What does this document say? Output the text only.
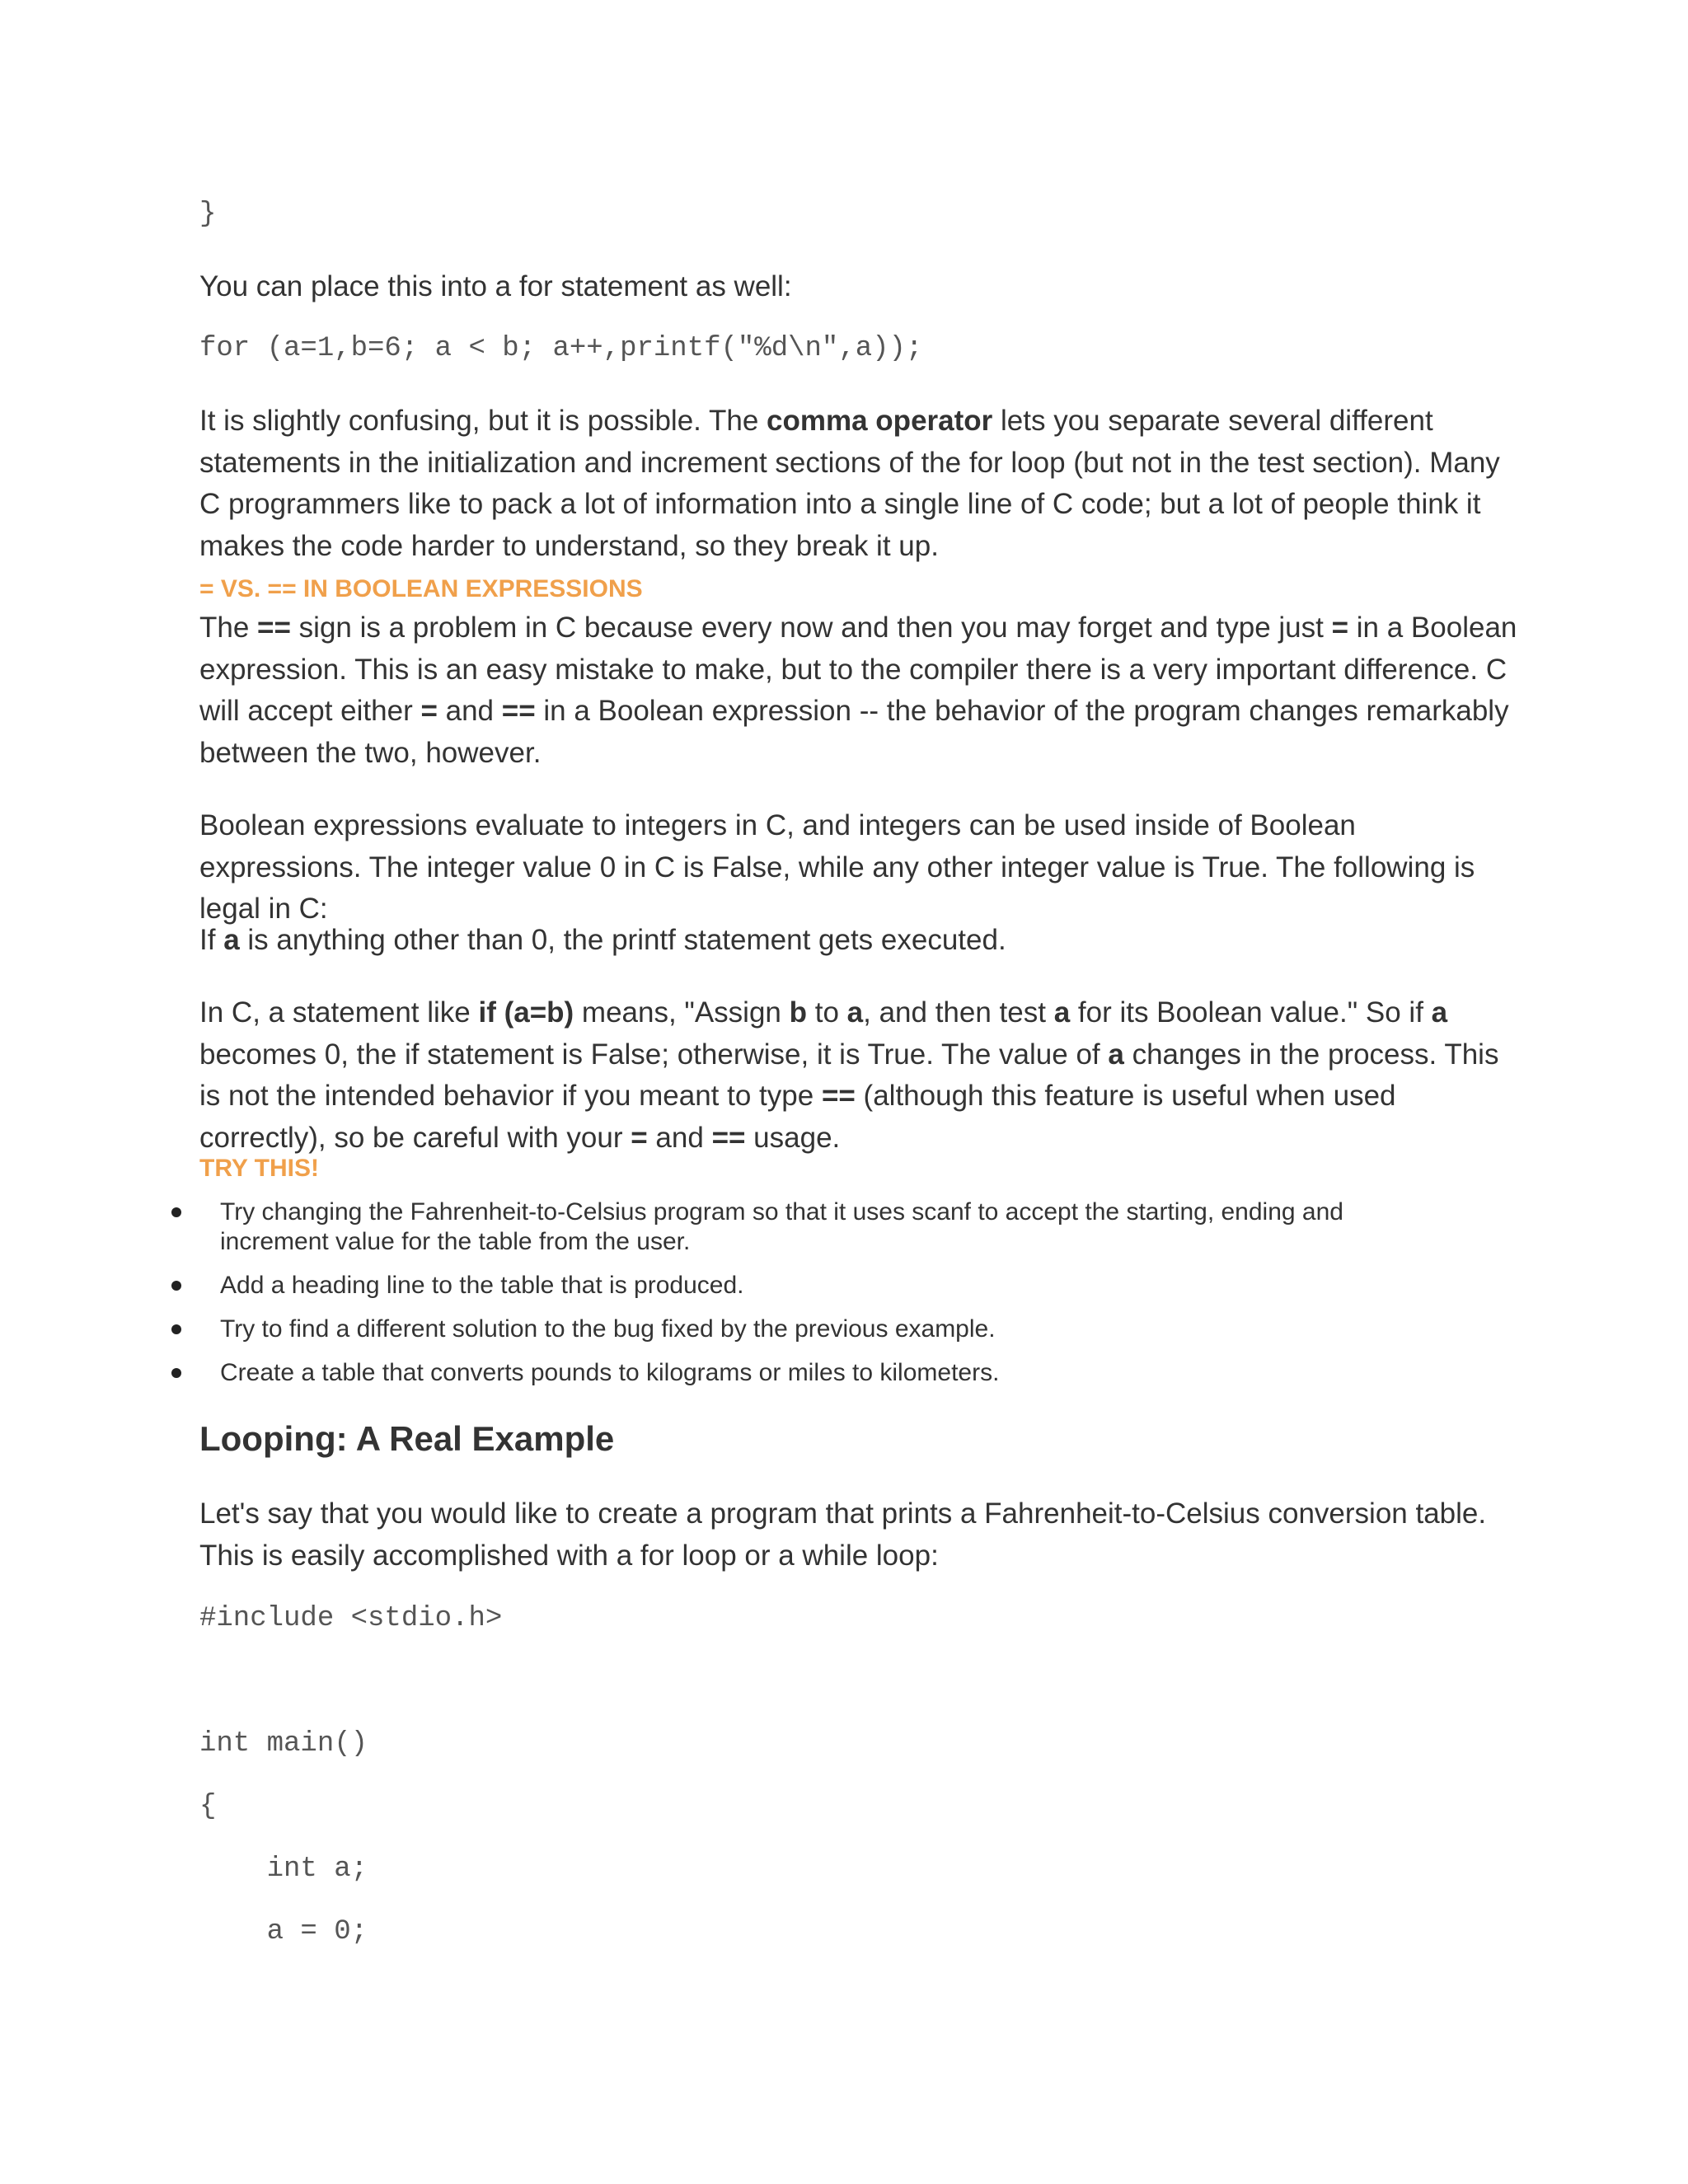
}

You can place this into a for statement as well:

for (a=1,b=6; a < b; a++,printf("%d\n",a));

It is slightly confusing, but it is possible. The comma operator lets you separate several different statements in the initialization and increment sections of the for loop (but not in the test section). Many C programmers like to pack a lot of information into a single line of C code; but a lot of people think it makes the code harder to understand, so they break it up.

= VS. == IN BOOLEAN EXPRESSIONS

The == sign is a problem in C because every now and then you may forget and type just = in a Boolean expression. This is an easy mistake to make, but to the compiler there is a very important difference. C will accept either = and == in a Boolean expression -- the behavior of the program changes remarkably between the two, however.

Boolean expressions evaluate to integers in C, and integers can be used inside of Boolean expressions. The integer value 0 in C is False, while any other integer value is True. The following is legal in C:

If a is anything other than 0, the printf statement gets executed.

In C, a statement like if (a=b) means, "Assign b to a, and then test a for its Boolean value." So if a becomes 0, the if statement is False; otherwise, it is True. The value of a changes in the process. This is not the intended behavior if you meant to type == (although this feature is useful when used correctly), so be careful with your = and == usage.

TRY THIS!

Try changing the Fahrenheit-to-Celsius program so that it uses scanf to accept the starting, ending and increment value for the table from the user.
Add a heading line to the table that is produced.
Try to find a different solution to the bug fixed by the previous example.
Create a table that converts pounds to kilograms or miles to kilometers.

Looping: A Real Example

Let's say that you would like to create a program that prints a Fahrenheit-to-Celsius conversion table. This is easily accomplished with a for loop or a while loop:

#include <stdio.h>

int main()

{

int a;

a = 0;
